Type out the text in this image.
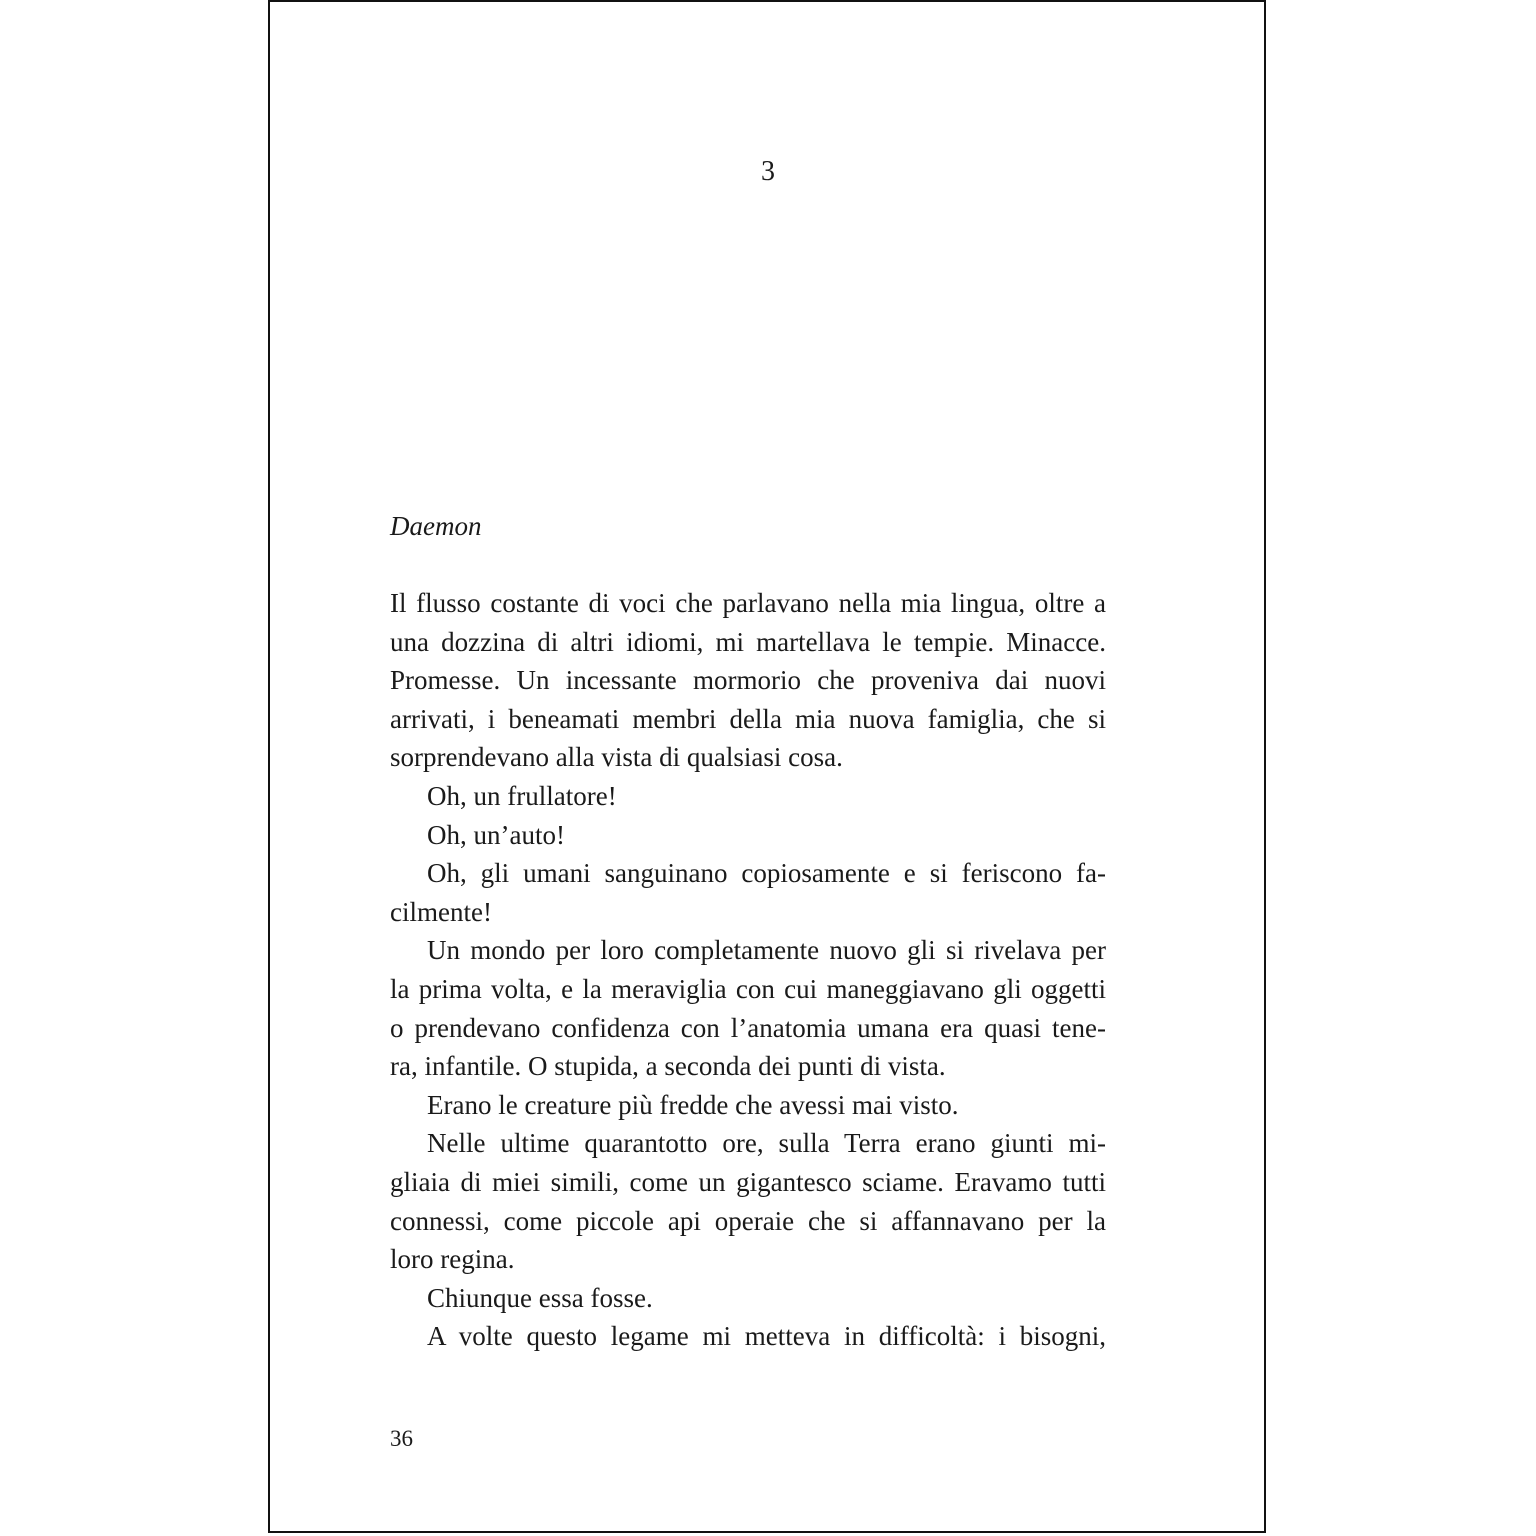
3
Daemon
Il flusso costante di voci che parlavano nella mia lingua, oltre a
una dozzina di altri idiomi, mi martellava le tempie. Minacce.
Promesse. Un incessante mormorio che proveniva dai nuovi
arrivati, i beneamati membri della mia nuova famiglia, che si
sorprendevano alla vista di qualsiasi cosa.
Oh, un frullatore!
Oh, un’auto!
Oh, gli umani sanguinano copiosamente e si feriscono fa-
cilmente!
Un mondo per loro completamente nuovo gli si rivelava per
la prima volta, e la meraviglia con cui maneggiavano gli oggetti
o prendevano confidenza con l’anatomia umana era quasi tene-
ra, infantile. O stupida, a seconda dei punti di vista.
Erano le creature più fredde che avessi mai visto.
Nelle ultime quarantotto ore, sulla Terra erano giunti mi-
gliaia di miei simili, come un gigantesco sciame. Eravamo tutti
connessi, come piccole api operaie che si affannavano per la
loro regina.
Chiunque essa fosse.
A volte questo legame mi metteva in difficoltà: i bisogni,
36
